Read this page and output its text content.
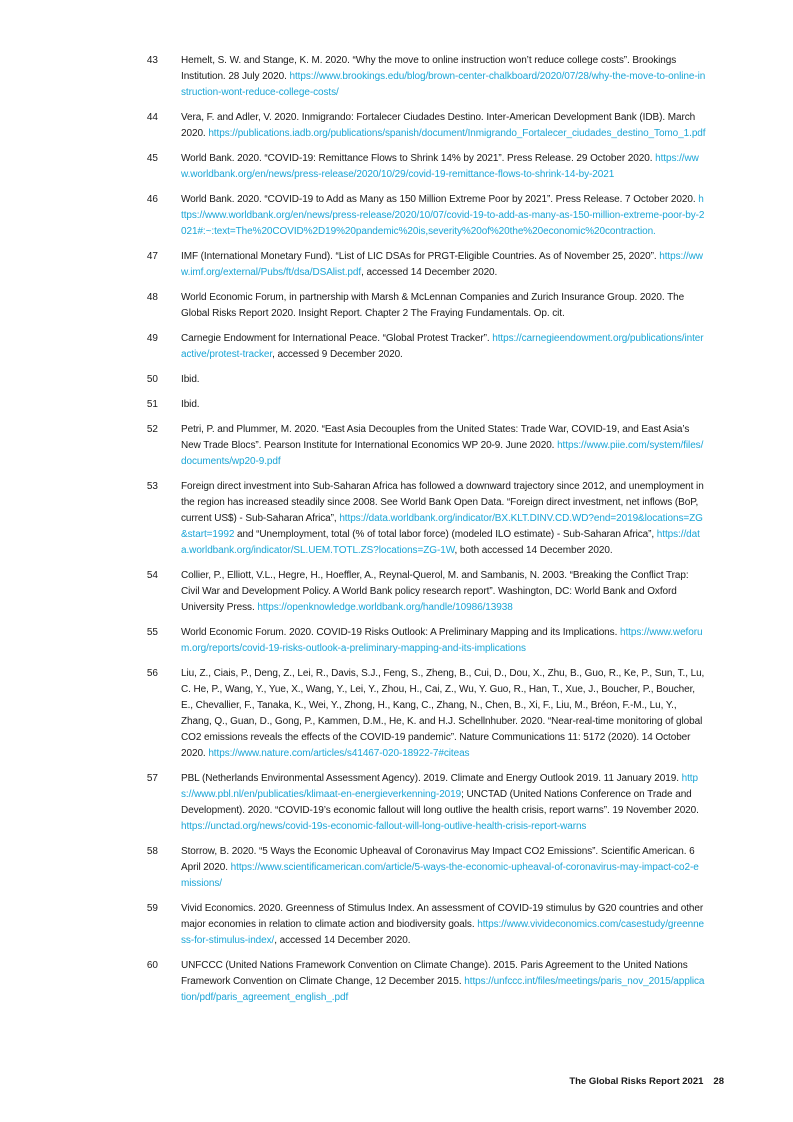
43	Hemelt, S. W. and Stange, K. M. 2020. “Why the move to online instruction won’t reduce college costs”. Brookings Institution. 28 July 2020. https://www.brookings.edu/blog/brown-center-chalkboard/2020/07/28/why-the-move-to-online-instruction-wont-reduce-college-costs/
44	Vera, F. and Adler, V. 2020. Inmigrando: Fortalecer Ciudades Destino. Inter-American Development Bank (IDB). March 2020. https://publications.iadb.org/publications/spanish/document/Inmigrando_Fortalecer_ciudades_destino_Tomo_1.pdf
45	World Bank. 2020. “COVID-19: Remittance Flows to Shrink 14% by 2021”. Press Release. 29 October 2020. https://www.worldbank.org/en/news/press-release/2020/10/29/covid-19-remittance-flows-to-shrink-14-by-2021
46	World Bank. 2020. “COVID-19 to Add as Many as 150 Million Extreme Poor by 2021”. Press Release. 7 October 2020. https://www.worldbank.org/en/news/press-release/2020/10/07/covid-19-to-add-as-many-as-150-million-extreme-poor-by-2021#:~:text=The%20COVID%2D19%20pandemic%20is,severity%20of%20the%20economic%20contraction.
47	IMF (International Monetary Fund). “List of LIC DSAs for PRGT-Eligible Countries. As of November 25, 2020”. https://www.imf.org/external/Pubs/ft/dsa/DSAlist.pdf, accessed 14 December 2020.
48	World Economic Forum, in partnership with Marsh & McLennan Companies and Zurich Insurance Group. 2020. The Global Risks Report 2020. Insight Report. Chapter 2 The Fraying Fundamentals. Op. cit.
49	Carnegie Endowment for International Peace. “Global Protest Tracker”. https://carnegieendowment.org/publications/interactive/protest-tracker, accessed 9 December 2020.
50	Ibid.
51	Ibid.
52	Petri, P. and Plummer, M. 2020. “East Asia Decouples from the United States: Trade War, COVID-19, and East Asia’s New Trade Blocs”. Pearson Institute for International Economics WP 20-9. June 2020. https://www.piie.com/system/files/documents/wp20-9.pdf
53	Foreign direct investment into Sub-Saharan Africa has followed a downward trajectory since 2012, and unemployment in the region has increased steadily since 2008. See World Bank Open Data. “Foreign direct investment, net inflows (BoP, current US$) - Sub-Saharan Africa”, https://data.worldbank.org/indicator/BX.KLT.DINV.CD.WD?end=2019&locations=ZG&start=1992 and “Unemployment, total (% of total labor force) (modeled ILO estimate) - Sub-Saharan Africa”, https://data.worldbank.org/indicator/SL.UEM.TOTL.ZS?locations=ZG-1W, both accessed 14 December 2020.
54	Collier, P., Elliott, V.L., Hegre, H., Hoeffler, A., Reynal-Querol, M. and Sambanis, N. 2003. “Breaking the Conflict Trap: Civil War and Development Policy. A World Bank policy research report”. Washington, DC: World Bank and Oxford University Press. https://openknowledge.worldbank.org/handle/10986/13938
55	World Economic Forum. 2020. COVID-19 Risks Outlook: A Preliminary Mapping and its Implications. https://www.weforum.org/reports/covid-19-risks-outlook-a-preliminary-mapping-and-its-implications
56	Liu, Z., Ciais, P., Deng, Z., Lei, R., Davis, S.J., Feng, S., Zheng, B., Cui, D., Dou, X., Zhu, B., Guo, R., Ke, P., Sun, T., Lu, C. He, P., Wang, Y., Yue, X., Wang, Y., Lei, Y., Zhou, H., Cai, Z., Wu, Y. Guo, R., Han, T., Xue, J., Boucher, P., Boucher, E., Chevallier, F., Tanaka, K., Wei, Y., Zhong, H., Kang, C., Zhang, N., Chen, B., Xi, F., Liu, M., Bréon, F.-M., Lu, Y., Zhang, Q., Guan, D., Gong, P., Kammen, D.M., He, K. and H.J. Schellnhuber. 2020. “Near-real-time monitoring of global CO2 emissions reveals the effects of the COVID-19 pandemic”. Nature Communications 11: 5172 (2020). 14 October 2020. https://www.nature.com/articles/s41467-020-18922-7#citeas
57	PBL (Netherlands Environmental Assessment Agency). 2019. Climate and Energy Outlook 2019. 11 January 2019. https://www.pbl.nl/en/publicaties/klimaat-en-energieverkenning-2019; UNCTAD (United Nations Conference on Trade and Development). 2020. “COVID-19’s economic fallout will long outlive the health crisis, report warns”. 19 November 2020. https://unctad.org/news/covid-19s-economic-fallout-will-long-outlive-health-crisis-report-warns
58	Storrow, B. 2020. “5 Ways the Economic Upheaval of Coronavirus May Impact CO2 Emissions”. Scientific American. 6 April 2020. https://www.scientificamerican.com/article/5-ways-the-economic-upheaval-of-coronavirus-may-impact-co2-emissions/
59	Vivid Economics. 2020. Greenness of Stimulus Index. An assessment of COVID-19 stimulus by G20 countries and other major economies in relation to climate action and biodiversity goals. https://www.vivideconomics.com/casestudy/greenness-for-stimulus-index/, accessed 14 December 2020.
60	UNFCCC (United Nations Framework Convention on Climate Change). 2015. Paris Agreement to the United Nations Framework Convention on Climate Change, 12 December 2015. https://unfccc.int/files/meetings/paris_nov_2015/application/pdf/paris_agreement_english_.pdf
The Global Risks Report 2021 28
